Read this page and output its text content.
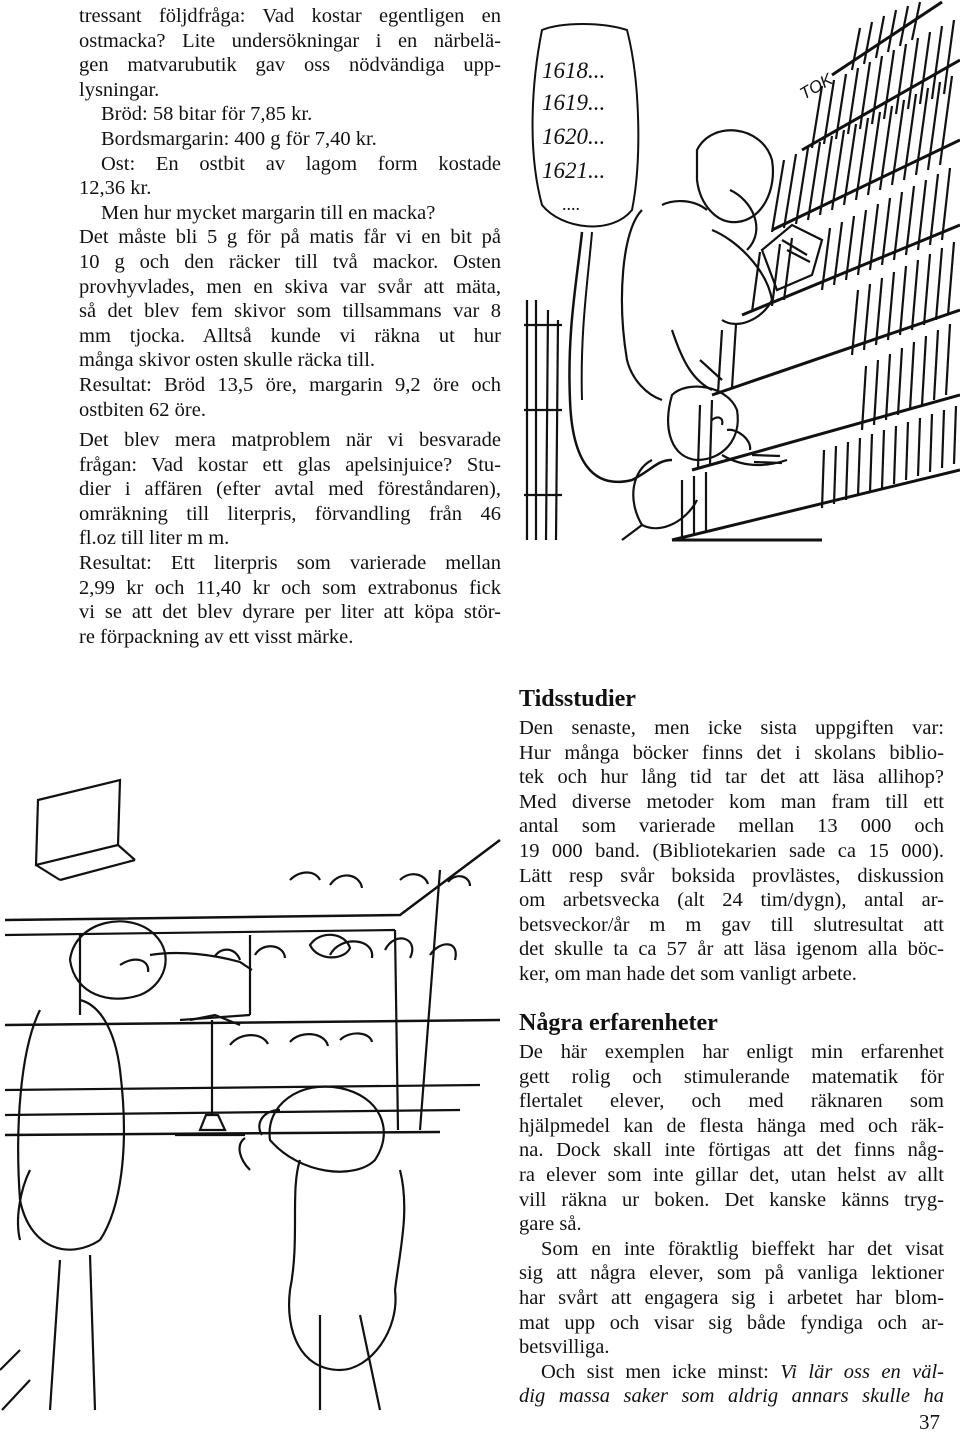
tressant följdfråga: Vad kostar egentligen en

ostmacka? Lite undersökningar i en närbelä-

gen matvarubutik gav oss nödvändiga upp-

lysningar.

Bröd: 58 bitar för 7,85 kr.

Bordsmargarin: 400 g för 7,40 kr.

Ost: En ostbit av lagom form kostade

12,36 kr.

Men hur mycket margarin till en macka?

Det måste bli 5 g för på matis får vi en bit på

10 g och den räcker till två mackor. Osten

provhyvlades, men en skiva var svår att mäta,

så det blev fem skivor som tillsammans var 8

mm tjocka. Alltså kunde vi räkna ut hur

många skivor osten skulle räcka till.

Resultat: Bröd 13,5 öre, margarin 9,2 öre och

ostbiten 62 öre.

Det blev mera matproblem när vi besvarade

frågan: Vad kostar ett glas apelsinjuice? Stu-

dier i affären (efter avtal med föreståndaren),

omräkning till literpris, förvandling från 46

fl.oz till liter m m.

Resultat: Ett literpris som varierade mellan

2,99 kr och 11,40 kr och som extrabonus fick

vi se att det blev dyrare per liter att köpa stör-

re förpackning av ett visst märke.

1618...
1619...
1620...
1621...
....
TOK
Tidsstudier

Den senaste, men icke sista uppgiften var:

Hur många böcker finns det i skolans biblio-

tek och hur lång tid tar det att läsa allihop?

Med diverse metoder kom man fram till ett

antal som varierade mellan 13 000 och

19 000 band. (Bibliotekarien sade ca 15 000).

Lätt resp svår boksida provlästes, diskussion

om arbetsvecka (alt 24 tim/dygn), antal ar-

betsveckor/år m m gav till slutresultat att

det skulle ta ca 57 år att läsa igenom alla böc-

ker, om man hade det som vanligt arbete.

Några erfarenheter

De här exemplen har enligt min erfarenhet

gett rolig och stimulerande matematik för

flertalet elever, och med räknaren som

hjälpmedel kan de flesta hänga med och räk-

na. Dock skall inte förtigas att det finns någ-

ra elever som inte gillar det, utan helst av allt

vill räkna ur boken. Det kanske känns tryg-

gare så.

Som en inte föraktlig bieffekt har det visat

sig att några elever, som på vanliga lektioner

har svårt att engagera sig i arbetet har blom-

mat upp och visar sig både fyndiga och ar-

betsvilliga.

Och sist men icke minst: Vi lär oss en väl-

dig massa saker som aldrig annars skulle ha

37
